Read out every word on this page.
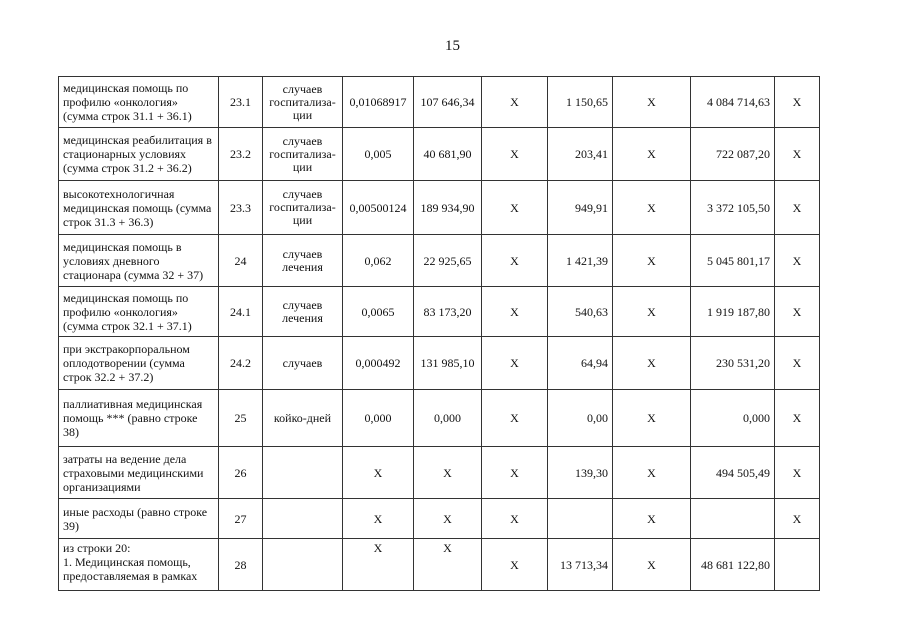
15
медицинская помощь по профилю «онкология» (сумма строк 31.1 + 36.1)	23.1	случаев госпитализа-ции	0,01068917	107 646,34	X	1 150,65	X	4 084 714,63	X
медицинская реабилитация в стационарных условиях (сумма строк 31.2 + 36.2)	23.2	случаев госпитализа-ции	0,005	40 681,90	X	203,41	X	722 087,20	X
высокотехнологичная медицинская помощь (сумма строк 31.3 + 36.3)	23.3	случаев госпитализа-ции	0,00500124	189 934,90	X	949,91	X	3 372 105,50	X
медицинская помощь в условиях дневного стационара (сумма 32 + 37)	24	случаев лечения	0,062	22 925,65	X	1 421,39	X	5 045 801,17	X
медицинская помощь по профилю «онкология» (сумма строк 32.1 + 37.1)	24.1	случаев лечения	0,0065	83 173,20	X	540,63	X	1 919 187,80	X
при экстракорпоральном оплодотворении (сумма строк 32.2 + 37.2)	24.2	случаев	0,000492	131 985,10	X	64,94	X	230 531,20	X
паллиативная медицинская помощь *** (равно строке 38)	25	койко-дней	0,000	0,000	X	0,00	X	0,000	X
затраты на ведение дела страховыми медицинскими организациями	26		X	X	X	139,30	X	494 505,49	X
иные расходы (равно строке 39)	27		X	X	X		X		X
из строки 20:
1. Медицинская помощь, предоставляемая в рамках	28		X	X	X	13 713,34	X	48 681 122,80	
